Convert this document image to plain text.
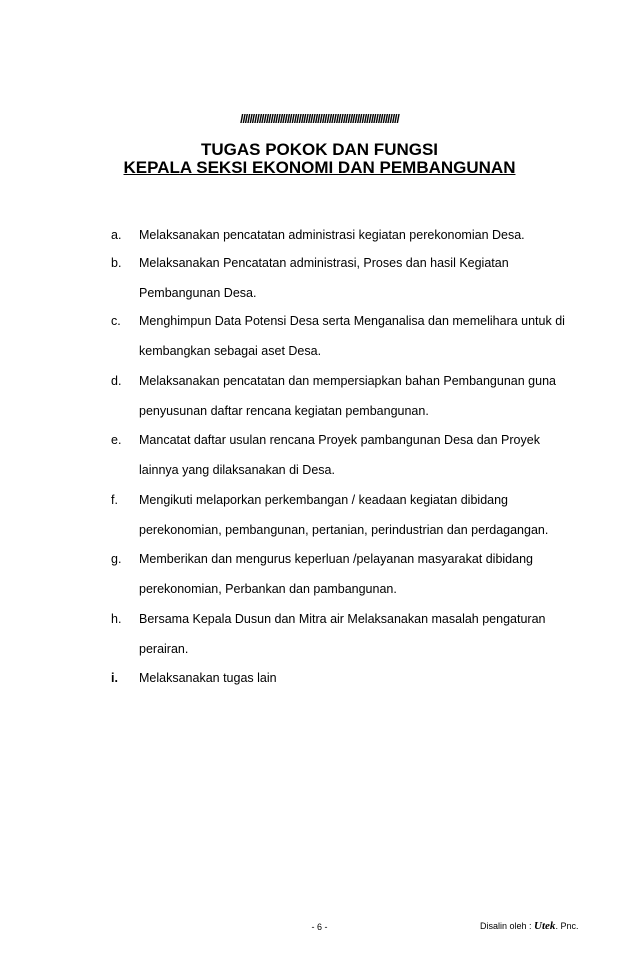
////////////////////////////////////////////////////////////////////
TUGAS POKOK DAN FUNGSI
KEPALA SEKSI EKONOMI DAN PEMBANGUNAN
a. Melaksanakan pencatatan administrasi kegiatan perekonomian Desa.
b. Melaksanakan Pencatatan administrasi, Proses dan hasil Kegiatan
Pembangunan Desa.
c. Menghimpun Data Potensi Desa serta Menganalisa dan memelihara untuk di
kembangkan sebagai aset Desa.
d. Melaksanakan pencatatan dan mempersiapkan bahan Pembangunan guna
penyusunan daftar rencana kegiatan pembangunan.
e. Mancatat daftar usulan rencana Proyek pambangunan Desa dan Proyek
lainnya yang dilaksanakan di Desa.
f. Mengikuti melaporkan perkembangan / keadaan kegiatan dibidang
perekonomian, pembangunan, pertanian, perindustrian dan perdagangan.
g. Memberikan dan mengurus keperluan /pelayanan masyarakat dibidang
perekonomian, Perbankan dan pambangunan.
h. Bersama Kepala Dusun dan Mitra air Melaksanakan masalah pengaturan
perairan.
i. Melaksanakan tugas lain
- 6 -	Disalin oleh : Utek. Pnc.
